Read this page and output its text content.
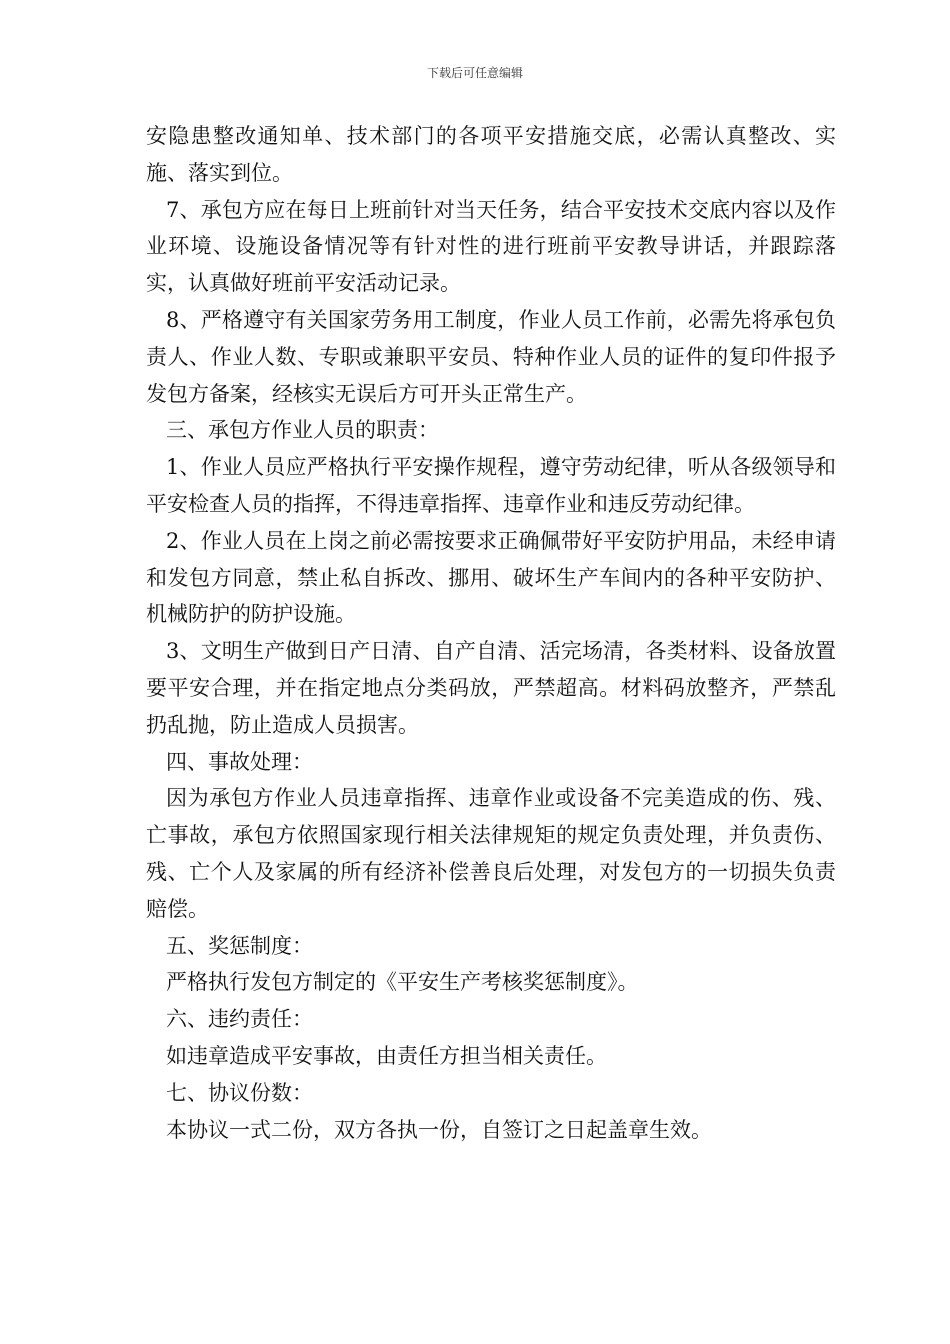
下载后可任意编辑

安隐患整改通知单、技术部门的各项平安措施交底，必需认真整改、实施、落实到位。

7、承包方应在每日上班前针对当天任务，结合平安技术交底内容以及作业环境、设施设备情况等有针对性的进行班前平安教导讲话，并跟踪落实，认真做好班前平安活动记录。

8、严格遵守有关国家劳务用工制度，作业人员工作前，必需先将承包负责人、作业人数、专职或兼职平安员、特种作业人员的证件的复印件报予发包方备案，经核实无误后方可开头正常生产。

三、承包方作业人员的职责：

1、作业人员应严格执行平安操作规程，遵守劳动纪律，听从各级领导和平安检查人员的指挥，不得违章指挥、违章作业和违反劳动纪律。

2、作业人员在上岗之前必需按要求正确佩带好平安防护用品，未经申请和发包方同意，禁止私自拆改、挪用、破坏生产车间内的各种平安防护、机械防护的防护设施。

3、文明生产做到日产日清、自产自清、活完场清，各类材料、设备放置要平安合理，并在指定地点分类码放，严禁超高。材料码放整齐，严禁乱扔乱抛，防止造成人员损害。

四、事故处理：

因为承包方作业人员违章指挥、违章作业或设备不完美造成的伤、残、亡事故，承包方依照国家现行相关法律规矩的规定负责处理，并负责伤、残、亡个人及家属的所有经济补偿善良后处理，对发包方的一切损失负责赔偿。

五、奖惩制度：

严格执行发包方制定的《平安生产考核奖惩制度》。

六、违约责任：

如违章造成平安事故，由责任方担当相关责任。

七、协议份数：

本协议一式二份，双方各执一份，自签订之日起盖章生效。
